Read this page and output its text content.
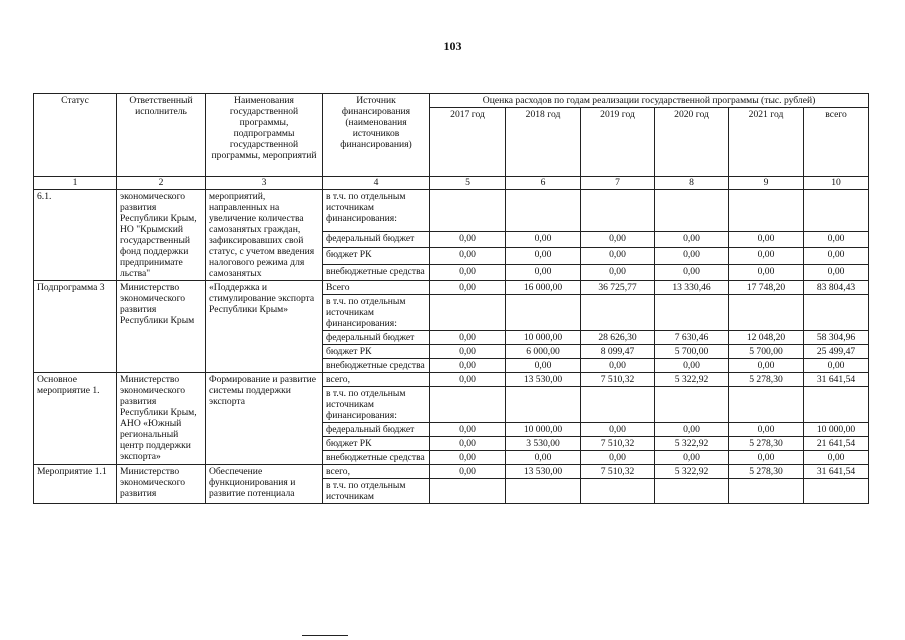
103
Статус	Ответственный исполнитель	Наименования государственной программы, подпрограммы государственной программы, мероприятий	Источник финансирования (наименования источников финансирования)	Оценка расходов по годам реализации государственной программы (тыс. рублей)					
				2017 год	2018 год	2019 год	2020 год	2021 год	всего
1	2	3	4	5	6	7	8	9	10
6.1.	экономического развития Республики Крым, НО "Крымский государственный фонд поддержки предпринимате льства"	мероприятий, направленных на увеличение количества самозанятых граждан, зафиксировавших свой статус, с учетом введения налогового режима для самозанятых	в т.ч. по отдельным источникам финансирования:						
			федеральный бюджет	0,00	0,00	0,00	0,00	0,00	0,00
			бюджет РК	0,00	0,00	0,00	0,00	0,00	0,00
			внебюджетные средства	0,00	0,00	0,00	0,00	0,00	0,00
Подпрограмма 3	Министерство экономического развития Республики Крым	«Поддержка и стимулирование экспорта Республики Крым»	Всего	0,00	16 000,00	36 725,77	13 330,46	17 748,20	83 804,43
			в т.ч. по отдельным источникам финансирования:						
			федеральный бюджет	0,00	10 000,00	28 626,30	7 630,46	12 048,20	58 304,96
			бюджет РК	0,00	6 000,00	8 099,47	5 700,00	5 700,00	25 499,47
			внебюджетные средства	0,00	0,00	0,00	0,00	0,00	0,00
Основное мероприятие 1.	Министерство экономического развития Республики Крым, АНО «Южный региональный центр поддержки экспорта»	Формирование и развитие системы поддержки экспорта	всего,	0,00	13 530,00	7 510,32	5 322,92	5 278,30	31 641,54
			в т.ч. по отдельным источникам финансирования:						
			федеральный бюджет	0,00	10 000,00	0,00	0,00	0,00	10 000,00
			бюджет РК	0,00	3 530,00	7 510,32	5 322,92	5 278,30	21 641,54
			внебюджетные средства	0,00	0,00	0,00	0,00	0,00	0,00
Мероприятие 1.1	Министерство экономического развития	Обеспечение функционирования и развитие потенциала	всего,	0,00	13 530,00	7 510,32	5 322,92	5 278,30	31 641,54
			в т.ч. по отдельным источникам						
